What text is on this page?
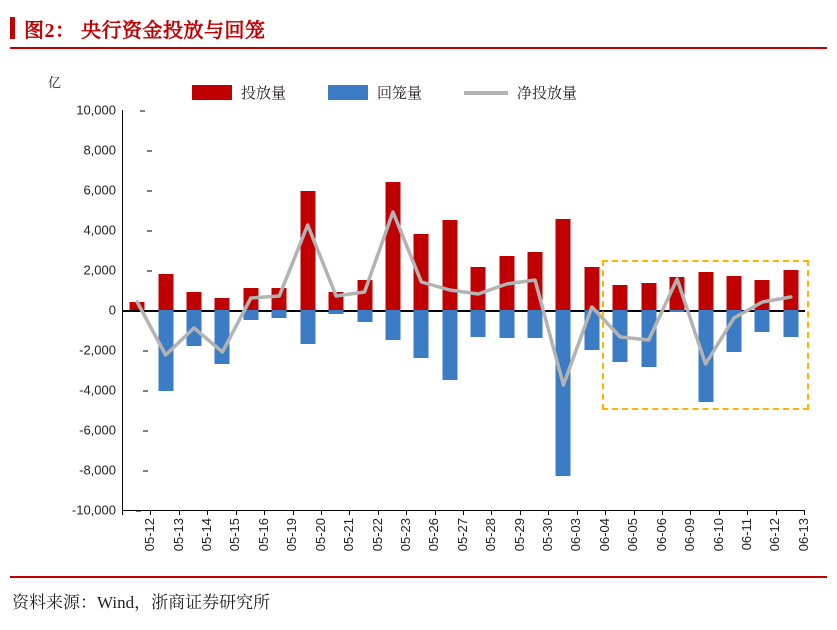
图2： 央行资金投放与回笼
亿
投放量	回笼量	净投放量
10,000
8,000
6,000
4,000
2,000
0
-2,000
-4,000
-6,000
-8,000
-10,000
05-12 05-13 05-14 05-15 05-16 05-19 05-20 05-21 05-22 05-23 05-26 05-27 05-28 05-29 05-30 06-03 06-04 06-05 06-06 06-09 06-10 06-11 06-12 06-13
资料来源：Wind，浙商证券研究所
